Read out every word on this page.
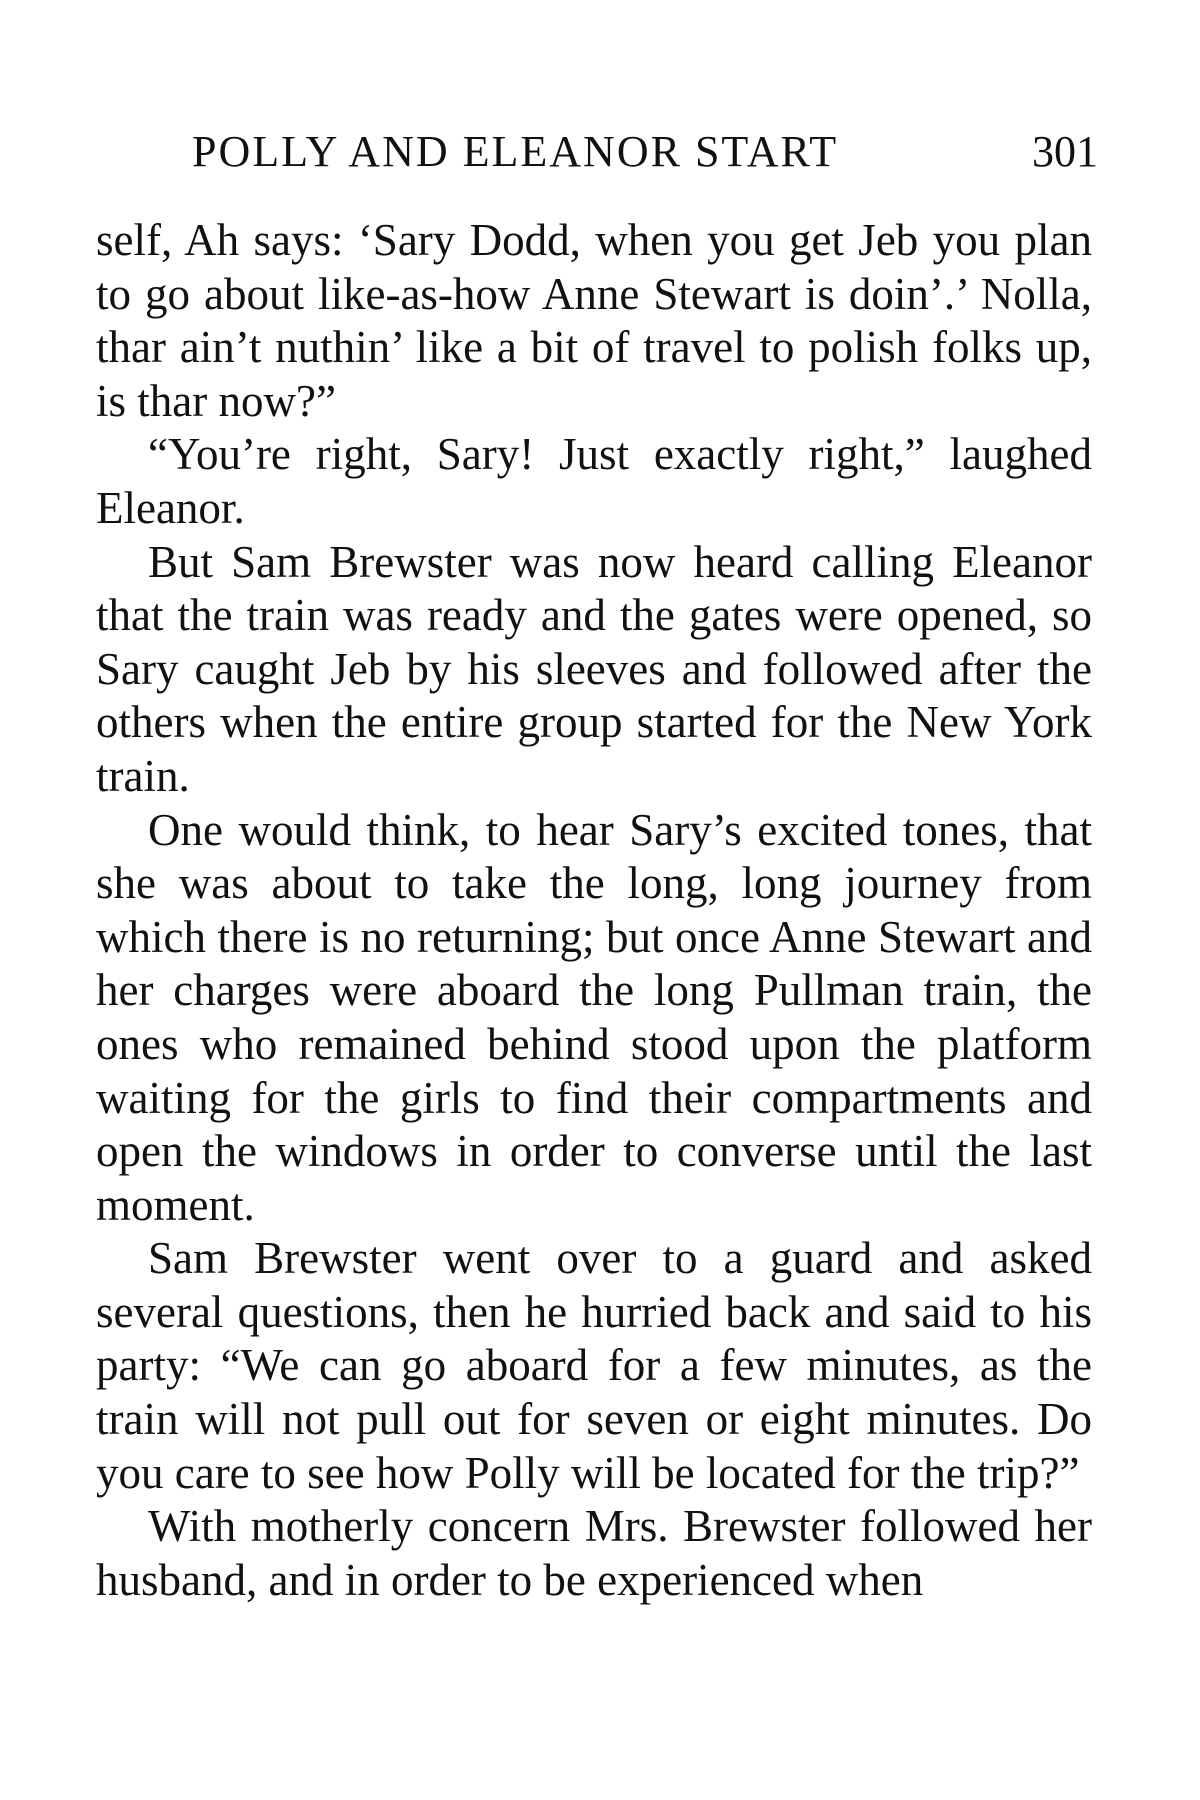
POLLY AND ELEANOR START	301

self, Ah says: ‘Sary Dodd, when you get Jeb you plan to go about like-as-how Anne Stewart is doin’.’ Nolla, thar ain’t nuthin’ like a bit of travel to polish folks up, is thar now?”

“You’re right, Sary! Just exactly right,” laughed Eleanor.

But Sam Brewster was now heard calling Eleanor that the train was ready and the gates were opened, so Sary caught Jeb by his sleeves and followed after the others when the entire group started for the New York train.

One would think, to hear Sary’s excited tones, that she was about to take the long, long journey from which there is no returning; but once Anne Stewart and her charges were aboard the long Pullman train, the ones who remained behind stood upon the platform waiting for the girls to find their compartments and open the windows in order to converse until the last moment.

Sam Brewster went over to a guard and asked several questions, then he hurried back and said to his party: “We can go aboard for a few minutes, as the train will not pull out for seven or eight minutes. Do you care to see how Polly will be located for the trip?”

With motherly concern Mrs. Brewster followed her husband, and in order to be experienced when
